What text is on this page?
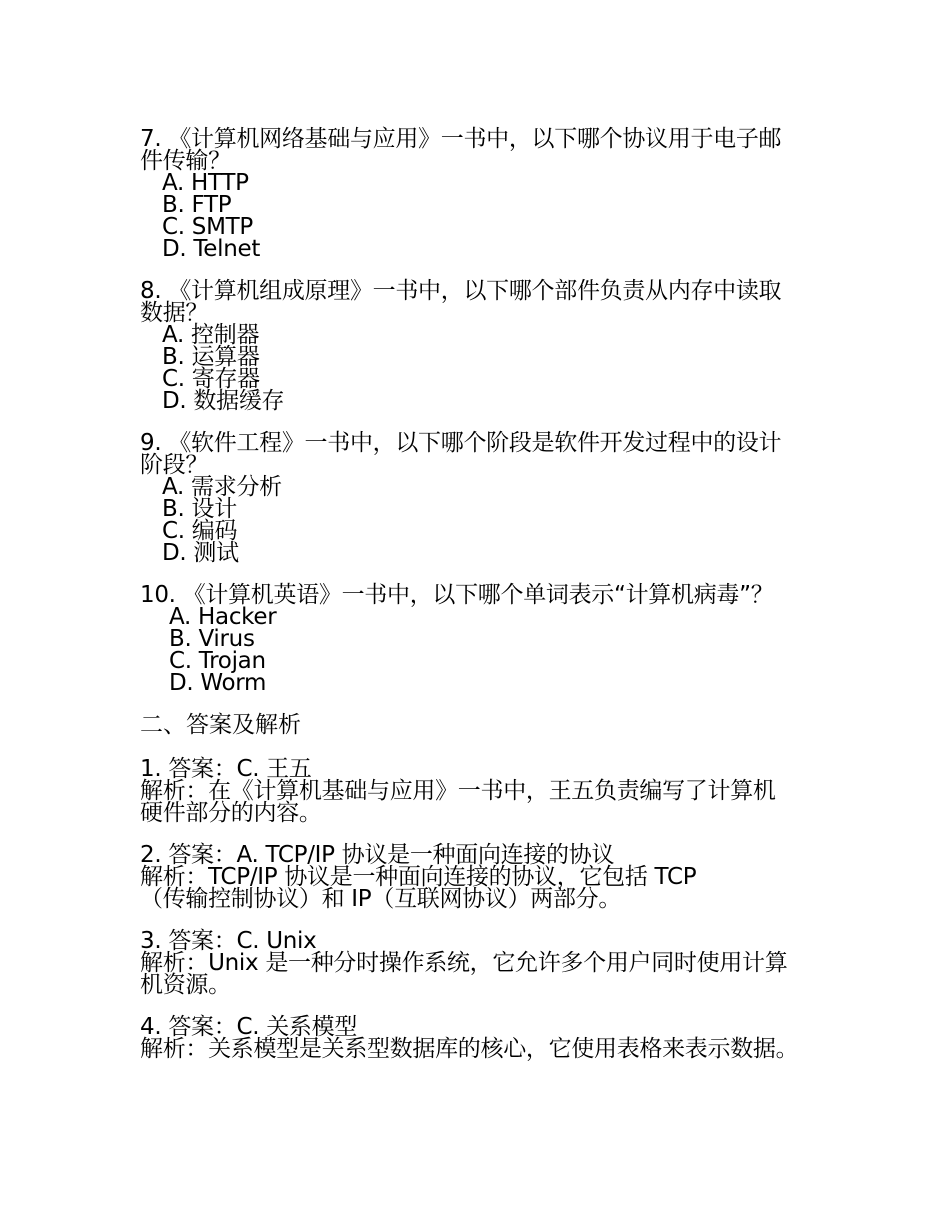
7. 《计算机网络基础与应用》一书中，以下哪个协议用于电子邮件传输？
A. HTTP
B. FTP
C. SMTP
D. Telnet
8. 《计算机组成原理》一书中，以下哪个部件负责从内存中读取数据？
A. 控制器
B. 运算器
C. 寄存器
D. 数据缓存
9. 《软件工程》一书中，以下哪个阶段是软件开发过程中的设计阶段？
A. 需求分析
B. 设计
C. 编码
D. 测试
10. 《计算机英语》一书中，以下哪个单词表示“计算机病毒”？
A. Hacker
B. Virus
C. Trojan
D. Worm
二、答案及解析
1. 答案：C. 王五
解析：在《计算机基础与应用》一书中，王五负责编写了计算机硬件部分的内容。
2. 答案：A. TCP/IP 协议是一种面向连接的协议
解析：TCP/IP 协议是一种面向连接的协议，它包括 TCP（传输控制协议）和 IP（互联网协议）两部分。
3. 答案：C. Unix
解析：Unix 是一种分时操作系统，它允许多个用户同时使用计算机资源。
4. 答案：C. 关系模型
解析：关系模型是关系型数据库的核心，它使用表格来表示数据。
